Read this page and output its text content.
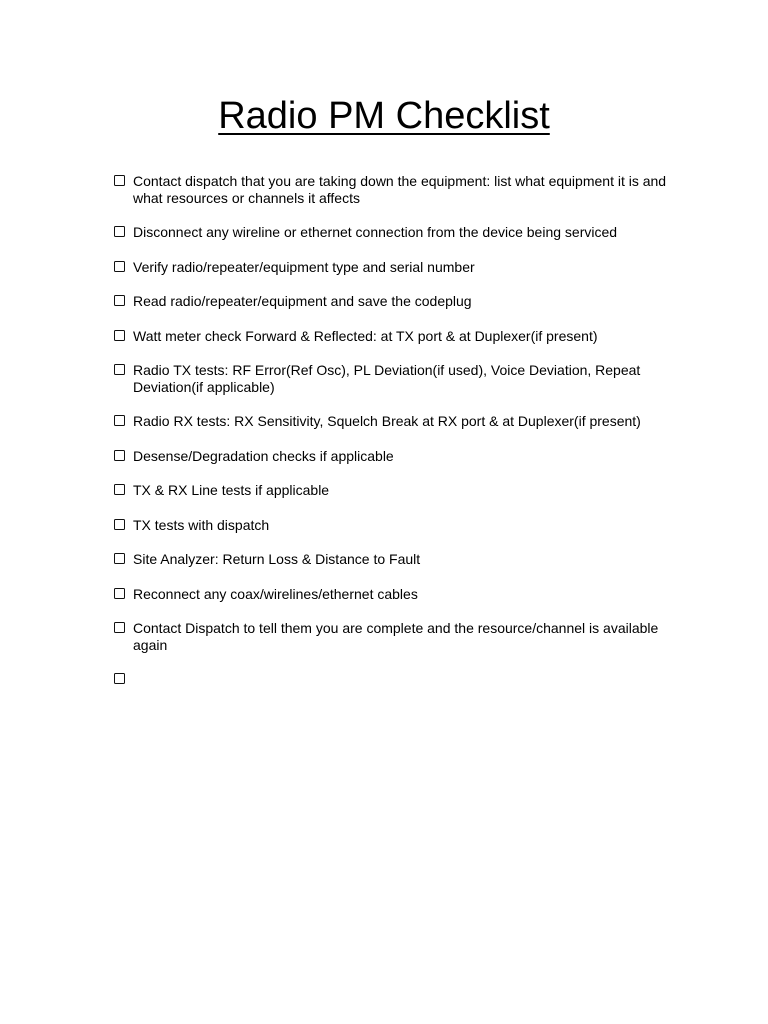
Radio PM Checklist
Contact dispatch that you are taking down the equipment: list what equipment it is and what resources or channels it affects
Disconnect any wireline or ethernet connection from the device being serviced
Verify radio/repeater/equipment type and serial number
Read radio/repeater/equipment and save the codeplug
Watt meter check Forward & Reflected: at TX port & at Duplexer(if present)
Radio TX tests: RF Error(Ref Osc), PL Deviation(if used), Voice Deviation, Repeat Deviation(if applicable)
Radio RX tests: RX Sensitivity, Squelch Break at RX port & at Duplexer(if present)
Desense/Degradation checks if applicable
TX & RX Line tests if applicable
TX tests with dispatch
Site Analyzer: Return Loss & Distance to Fault
Reconnect any coax/wirelines/ethernet cables
Contact Dispatch to tell them you are complete and the resource/channel is available again
